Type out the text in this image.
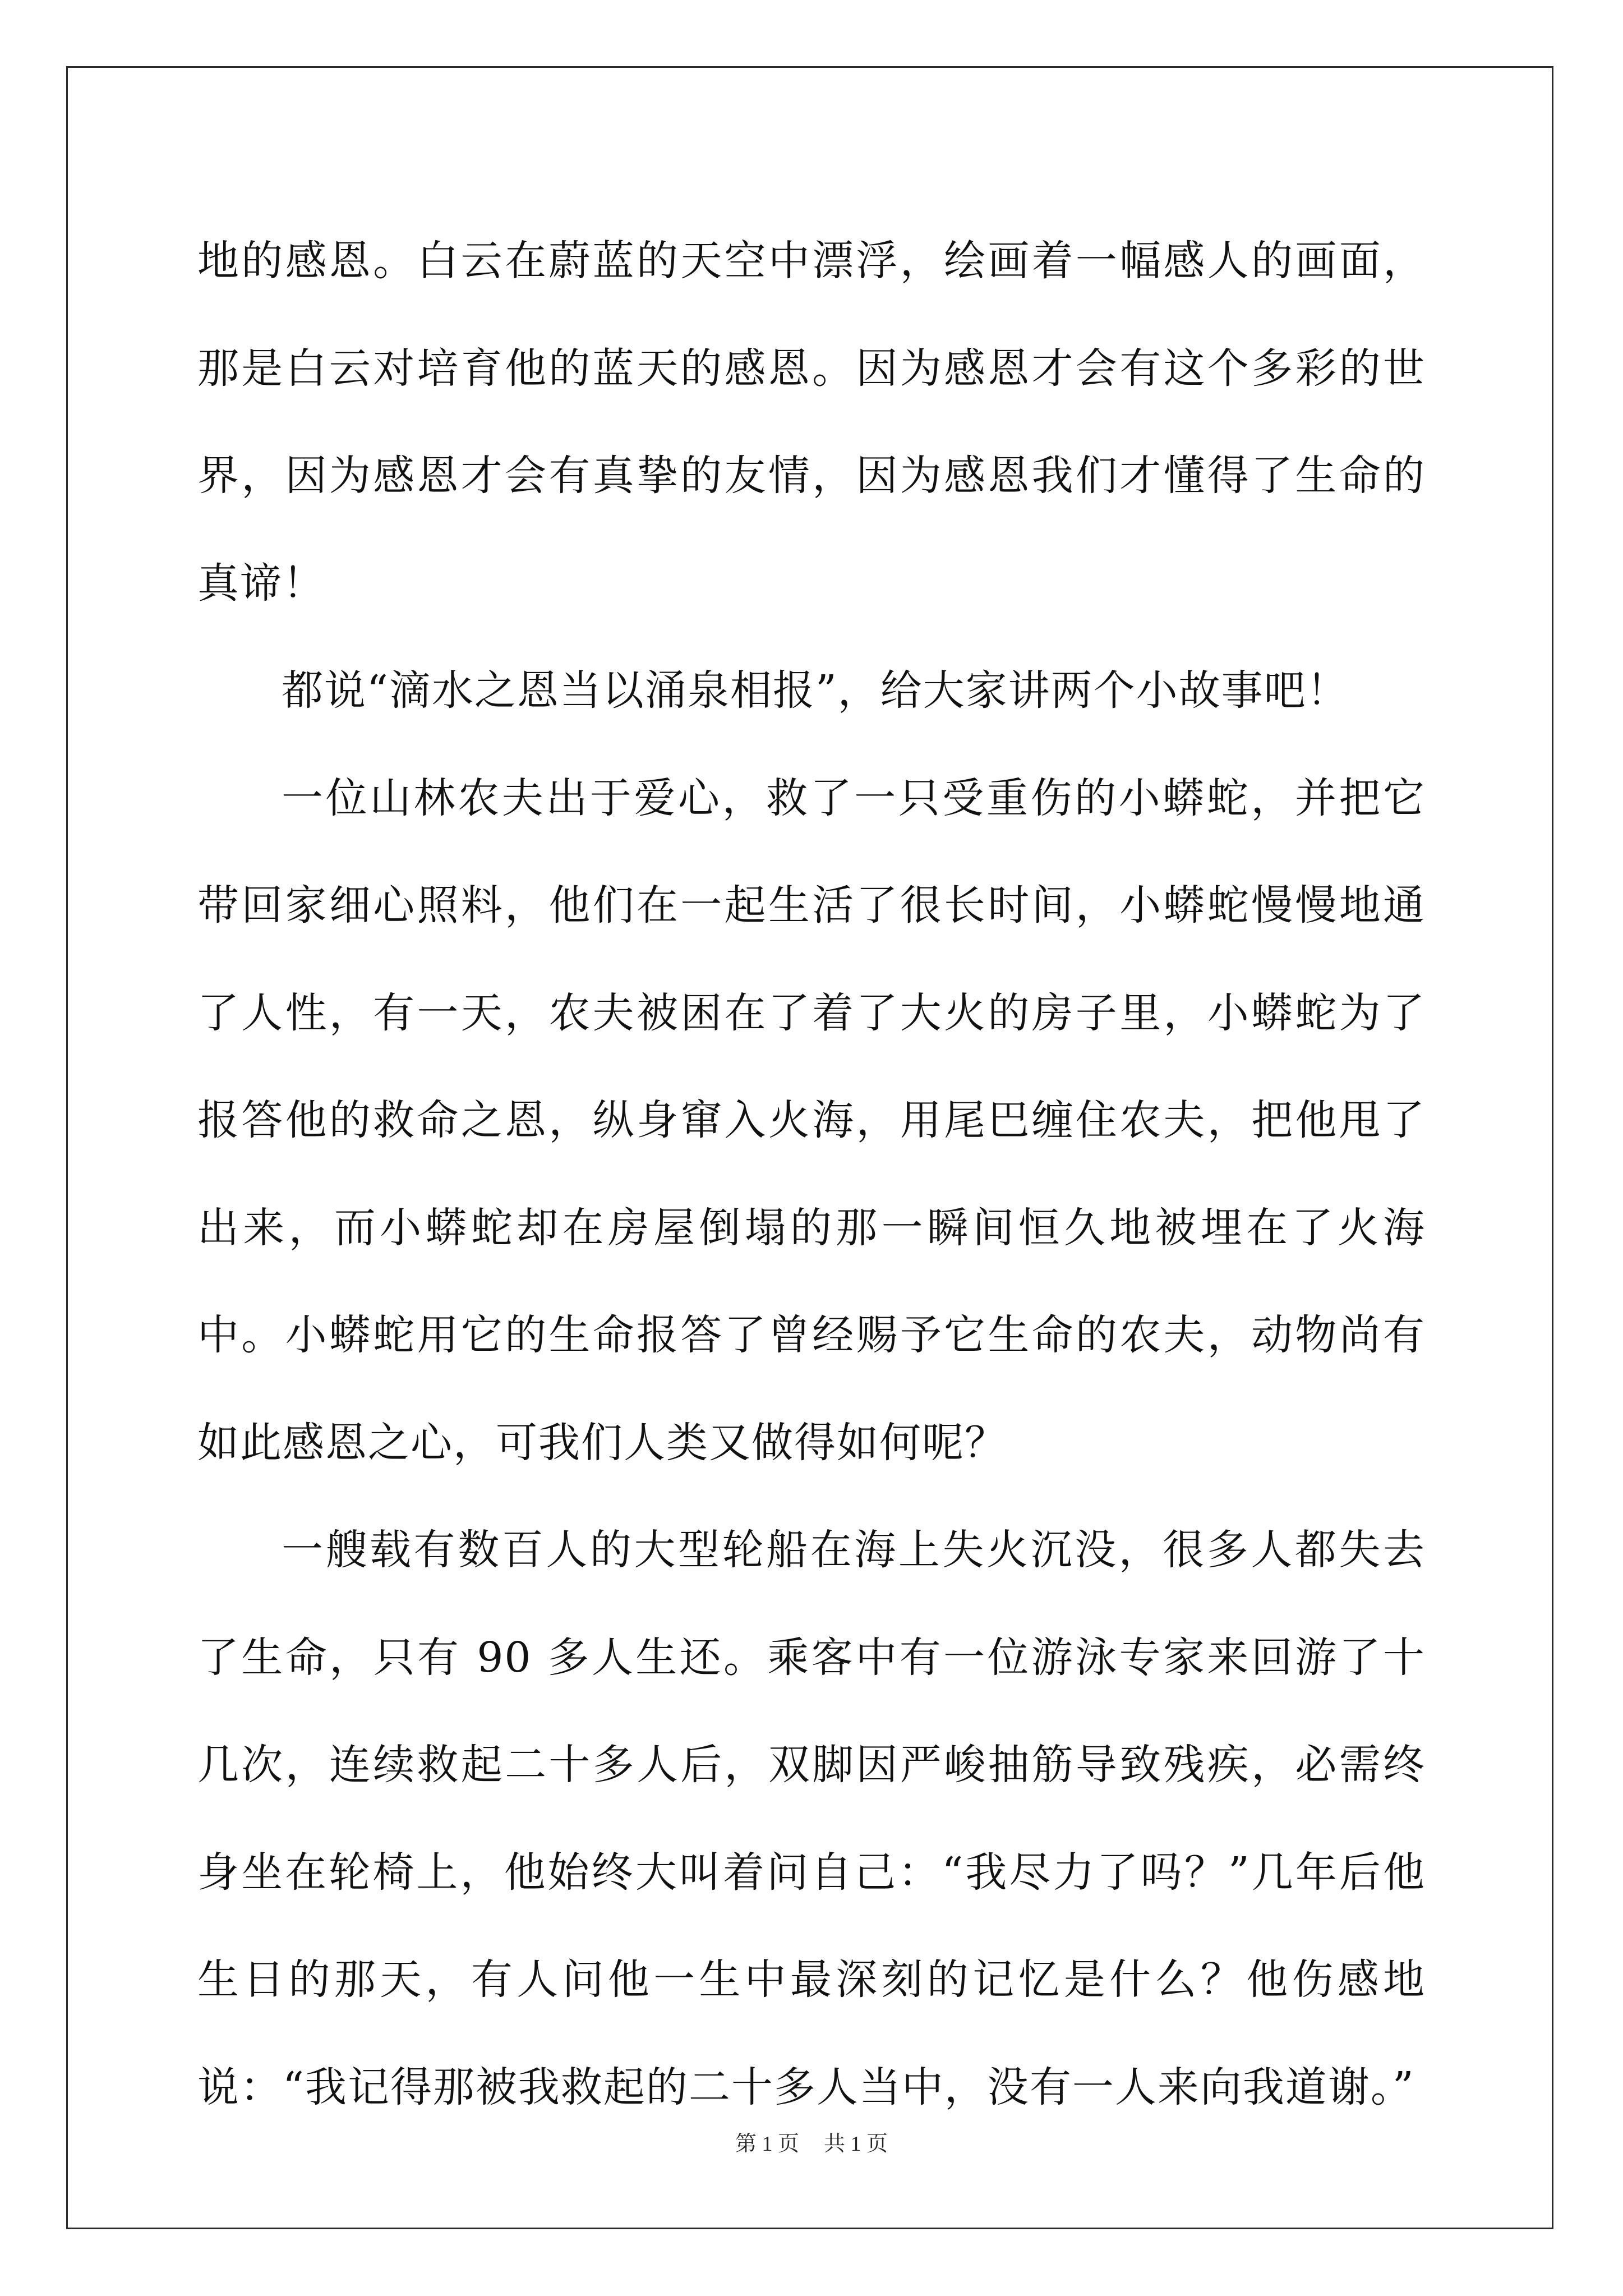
地的感恩。白云在蔚蓝的天空中漂浮，绘画着一幅感人的画面，那是白云对培育他的蓝天的感恩。因为感恩才会有这个多彩的世界，因为感恩才会有真挚的友情，因为感恩我们才懂得了生命的真谛！

都说“滴水之恩当以涌泉相报”，给大家讲两个小故事吧！

一位山林农夫出于爱心，救了一只受重伤的小蟒蛇，并把它带回家细心照料，他们在一起生活了很长时间，小蟒蛇慢慢地通了人性，有一天，农夫被困在了着了大火的房子里，小蟒蛇为了报答他的救命之恩，纵身窜入火海，用尾巴缠住农夫，把他甩了出来，而小蟒蛇却在房屋倒塌的那一瞬间恒久地被埋在了火海中。小蟒蛇用它的生命报答了曾经赐予它生命的农夫，动物尚有如此感恩之心，可我们人类又做得如何呢？

一艘载有数百人的大型轮船在海上失火沉没，很多人都失去了生命，只有 90 多人生还。乘客中有一位游泳专家来回游了十几次，连续救起二十多人后，双脚因严峻抽筋导致残疾，必需终身坐在轮椅上，他始终大叫着问自己：“我尽力了吗？”几年后他生日的那天，有人问他一生中最深刻的记忆是什么？他伤感地说：“我记得那被我救起的二十多人当中，没有一人来向我道谢。”

第 1 页 共 1 页
